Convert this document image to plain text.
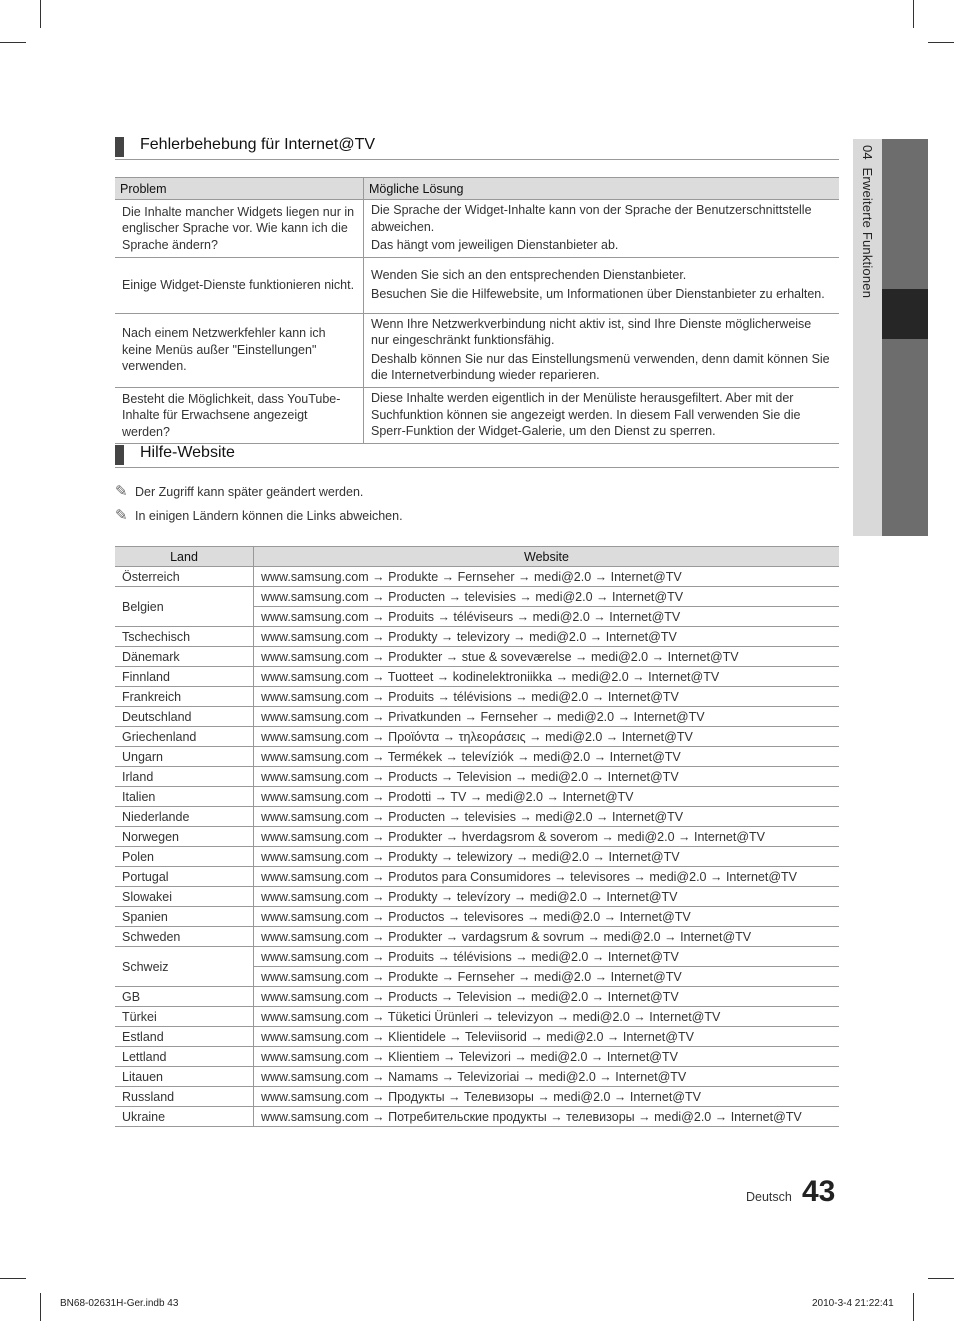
04  Erweiterte Funktionen
Fehlerbehebung für Internet@TV
Problem	Mögliche Lösung
Die Inhalte mancher Widgets liegen nur in englischer Sprache vor. Wie kann ich die Sprache ändern?	Die Sprache der Widget-Inhalte kann von der Sprache der Benutzerschnittstelle abweichen.

Das hängt vom jeweiligen Dienstanbieter ab.

Einige Widget-Dienste funktionieren nicht.	Wenden Sie sich an den entsprechenden Dienstanbieter.

Besuchen Sie die Hilfewebsite, um Informationen über Dienstanbieter zu erhalten.

Nach einem Netzwerkfehler kann ich keine Menüs außer "Einstellungen" verwenden.	Wenn Ihre Netzwerkverbindung nicht aktiv ist, sind Ihre Dienste möglicherweise nur eingeschränkt funktionsfähig.

Deshalb können Sie nur das Einstellungsmenü verwenden, denn damit können Sie die Internetverbindung wieder reparieren.

Besteht die Möglichkeit, dass YouTube-Inhalte für Erwachsene angezeigt werden?	Diese Inhalte werden eigentlich in der Menüliste herausgefiltert. Aber mit der Suchfunktion können sie angezeigt werden. In diesem Fall verwenden Sie die Sperr-Funktion der Widget-Galerie, um den Dienst zu sperren.

Hilfe-Website
✎ Der Zugriff kann später geändert werden.
✎ In einigen Ländern können die Links abweichen.
Land	Website
Österreich	www.samsung.com → Produkte → Fernseher → medi@2.0 → Internet@TV
Belgien	www.samsung.com → Producten → televisies → medi@2.0 → Internet@TV
	www.samsung.com → Produits → téléviseurs → medi@2.0 → Internet@TV
Tschechisch	www.samsung.com → Produkty → televizory → medi@2.0 → Internet@TV
Dänemark	www.samsung.com → Produkter → stue & soveværelse → medi@2.0 → Internet@TV
Finnland	www.samsung.com → Tuotteet → kodinelektroniikka → medi@2.0 → Internet@TV
Frankreich	www.samsung.com → Produits → télévisions → medi@2.0 → Internet@TV
Deutschland	www.samsung.com → Privatkunden → Fernseher → medi@2.0 → Internet@TV
Griechenland	www.samsung.com → Προϊόντα → τηλεοράσεις → medi@2.0 → Internet@TV
Ungarn	www.samsung.com → Termékek → televíziók → medi@2.0 → Internet@TV
Irland	www.samsung.com → Products → Television → medi@2.0 → Internet@TV
Italien	www.samsung.com → Prodotti → TV → medi@2.0 → Internet@TV
Niederlande	www.samsung.com → Producten → televisies → medi@2.0 → Internet@TV
Norwegen	www.samsung.com → Produkter → hverdagsrom & soverom → medi@2.0 → Internet@TV
Polen	www.samsung.com → Produkty → telewizory → medi@2.0 → Internet@TV
Portugal	www.samsung.com → Produtos para Consumidores → televisores → medi@2.0 → Internet@TV
Slowakei	www.samsung.com → Produkty → televízory → medi@2.0 → Internet@TV
Spanien	www.samsung.com → Productos → televisores → medi@2.0 → Internet@TV
Schweden	www.samsung.com → Produkter → vardagsrum & sovrum → medi@2.0 → Internet@TV
Schweiz	www.samsung.com → Produits → télévisions → medi@2.0 → Internet@TV
	www.samsung.com → Produkte → Fernseher → medi@2.0 → Internet@TV
GB	www.samsung.com → Products → Television → medi@2.0 → Internet@TV
Türkei	www.samsung.com → Tüketici Ürünleri → televizyon → medi@2.0 → Internet@TV
Estland	www.samsung.com → Klientidele → Televiisorid → medi@2.0 → Internet@TV
Lettland	www.samsung.com → Klientiem → Televizori → medi@2.0 → Internet@TV
Litauen	www.samsung.com → Namams → Televizoriai → medi@2.0 → Internet@TV
Russland	www.samsung.com → Продукты → Телевизоры → medi@2.0 → Internet@TV
Ukraine	www.samsung.com → Потребительские продукты → телевизоры → medi@2.0 → Internet@TV
Deutsch 43
BN68-02631H-Ger.indb 43	2010-3-4 21:22:41
